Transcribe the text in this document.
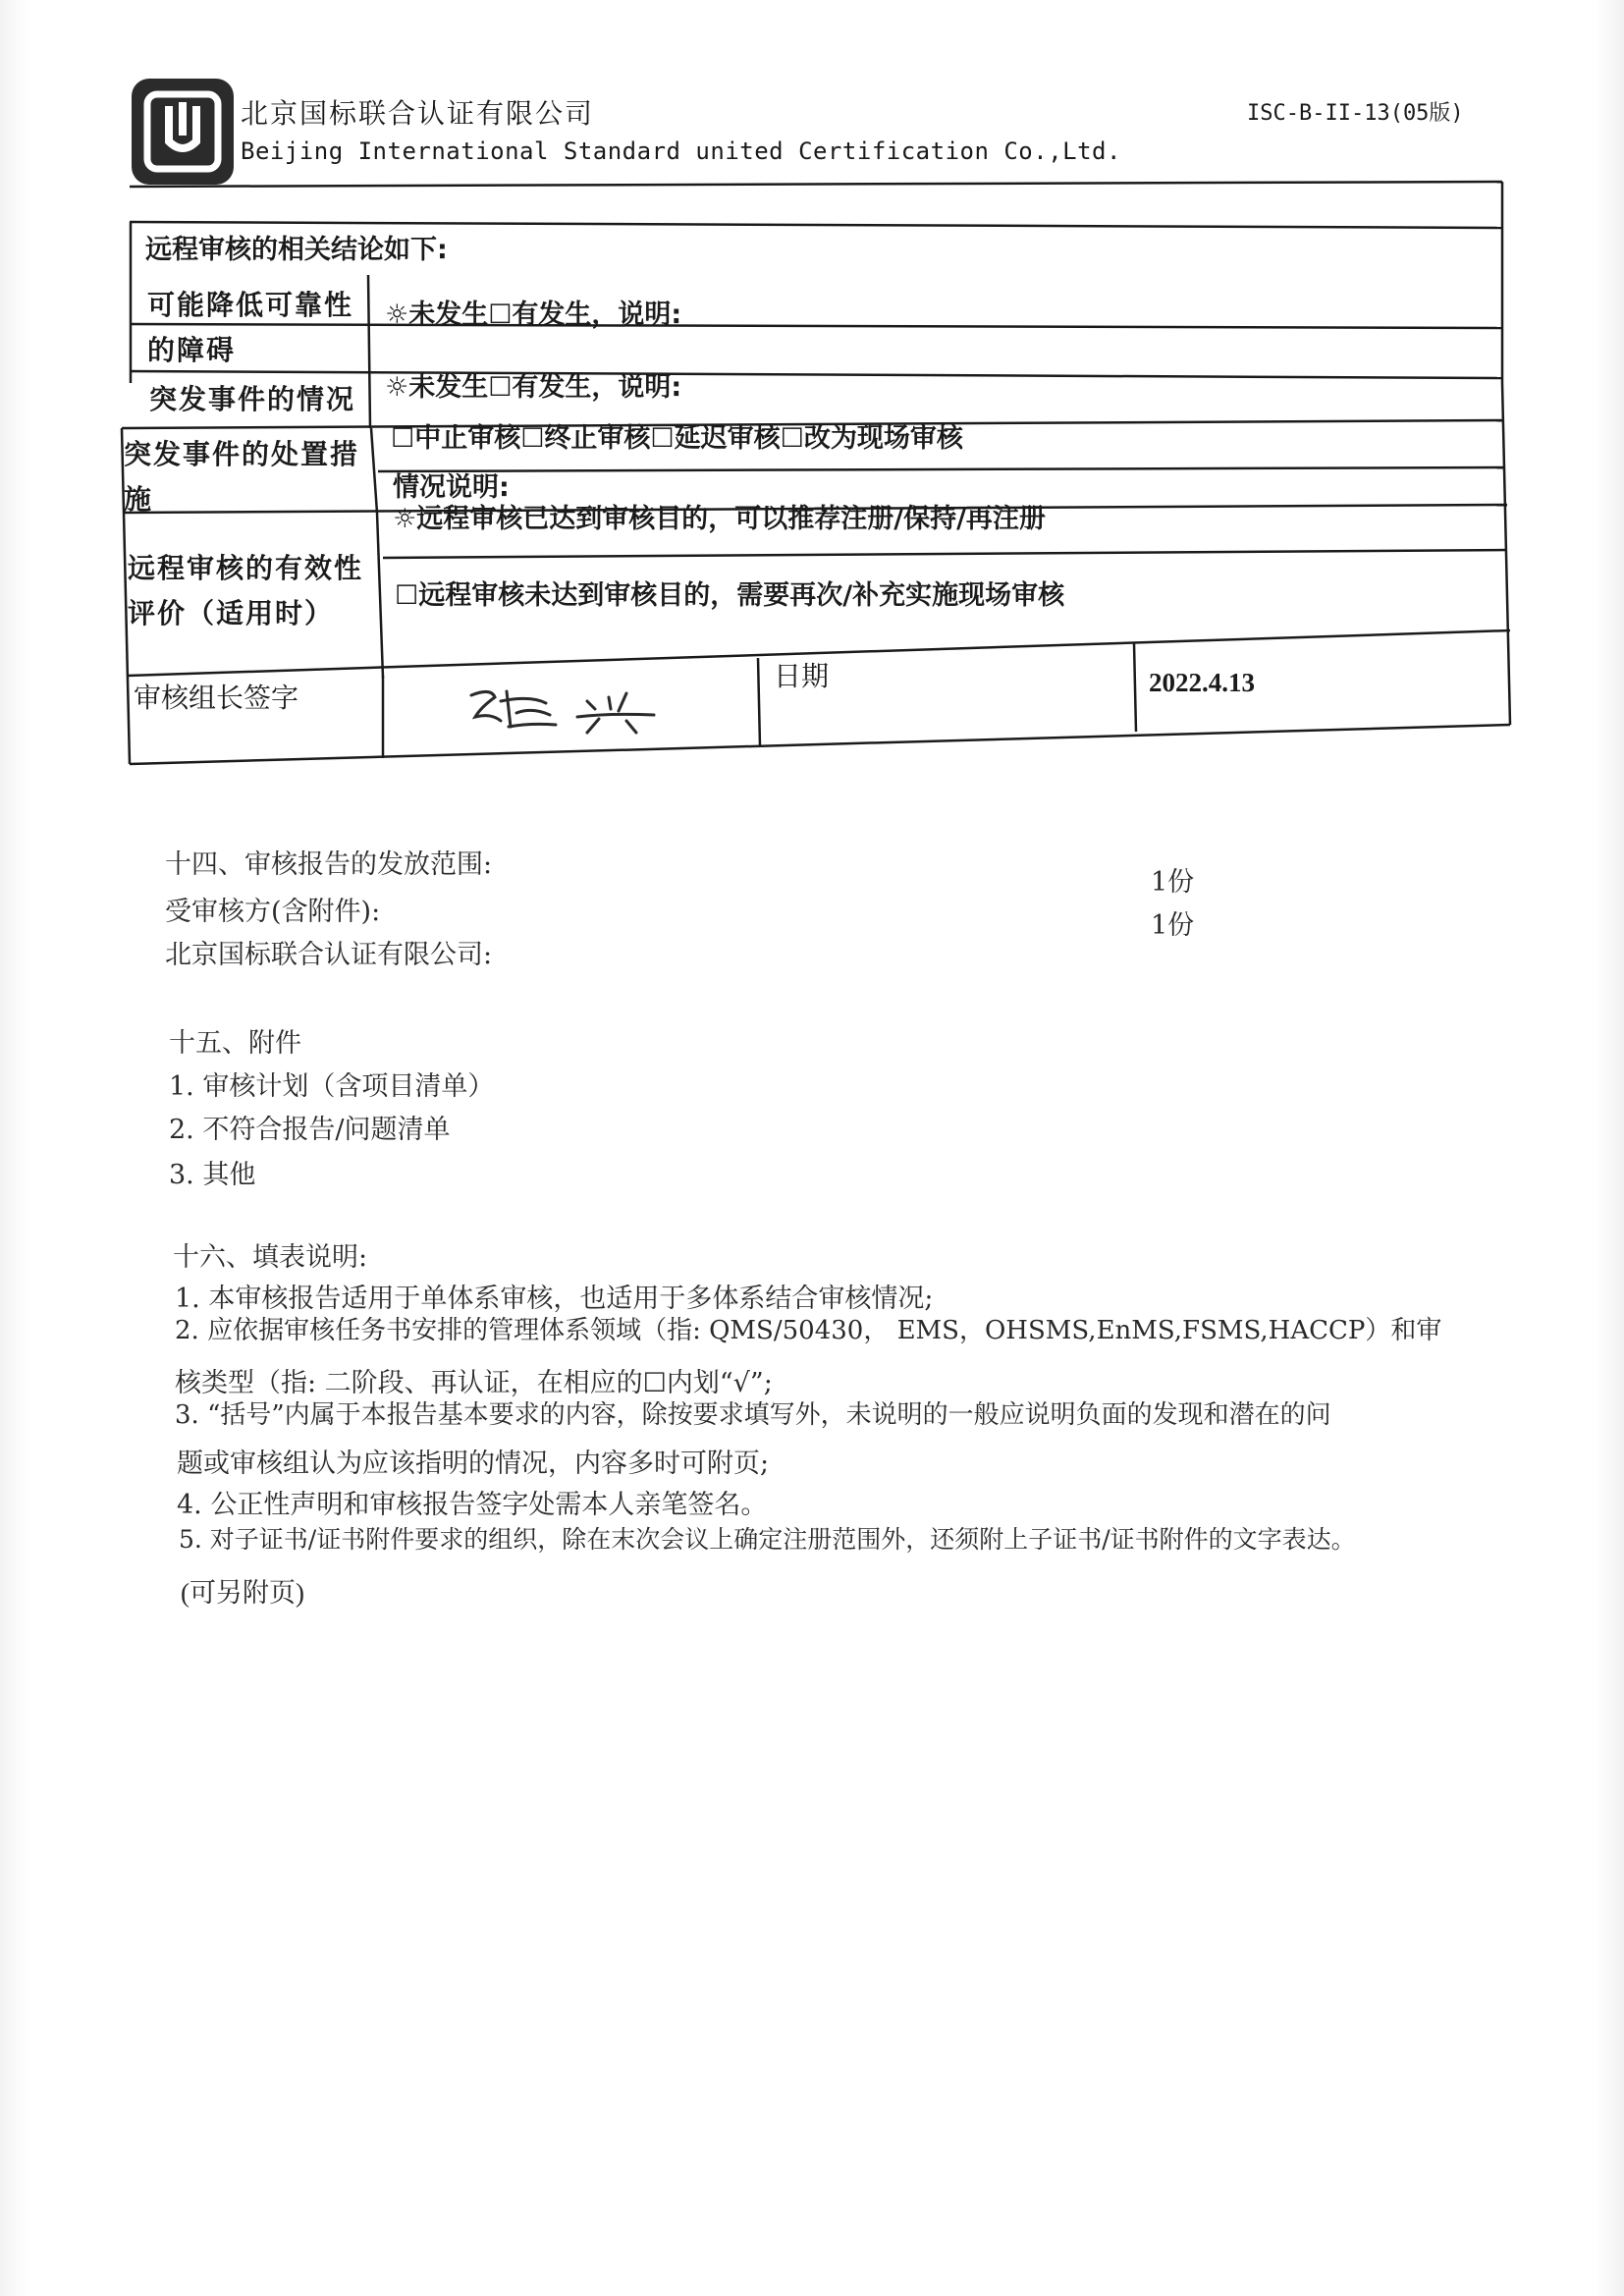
北京国标联合认证有限公司
Beijing International Standard united Certification Co.,Ltd.
ISC-B-II-13(05版)
远程审核的相关结论如下:
可能降低可靠性
的障碍
☼未发生☐有发生，说明:
突发事件的情况 ☼未发生☐有发生，说明:
突发事件的处置措
施
☐中止审核☐终止审核☐延迟审核☐改为现场审核
情况说明:
远程审核的有效性
评价（适用时）
☼远程审核已达到审核目的，可以推荐注册/保持/再注册
☐远程审核未达到审核目的，需要再次/补充实施现场审核
审核组长签字
日期	2022.4.13
十四、审核报告的发放范围:
受审核方(含附件):
北京国标联合认证有限公司:
1份
1份
十五、附件
1. 审核计划（含项目清单）
2. 不符合报告/问题清单
3. 其他
十六、填表说明:
1. 本审核报告适用于单体系审核，也适用于多体系结合审核情况;
2. 应依据审核任务书安排的管理体系领域（指: QMS/50430， EMS，OHSMS,EnMS,FSMS,HACCP）和审
核类型（指: 二阶段、再认证，在相应的☐内划“√”;
3. “括号”内属于本报告基本要求的内容，除按要求填写外，未说明的一般应说明负面的发现和潜在的问
题或审核组认为应该指明的情况，内容多时可附页;
4. 公正性声明和审核报告签字处需本人亲笔签名。
5. 对子证书/证书附件要求的组织，除在末次会议上确定注册范围外，还须附上子证书/证书附件的文字表达。
(可另附页)
